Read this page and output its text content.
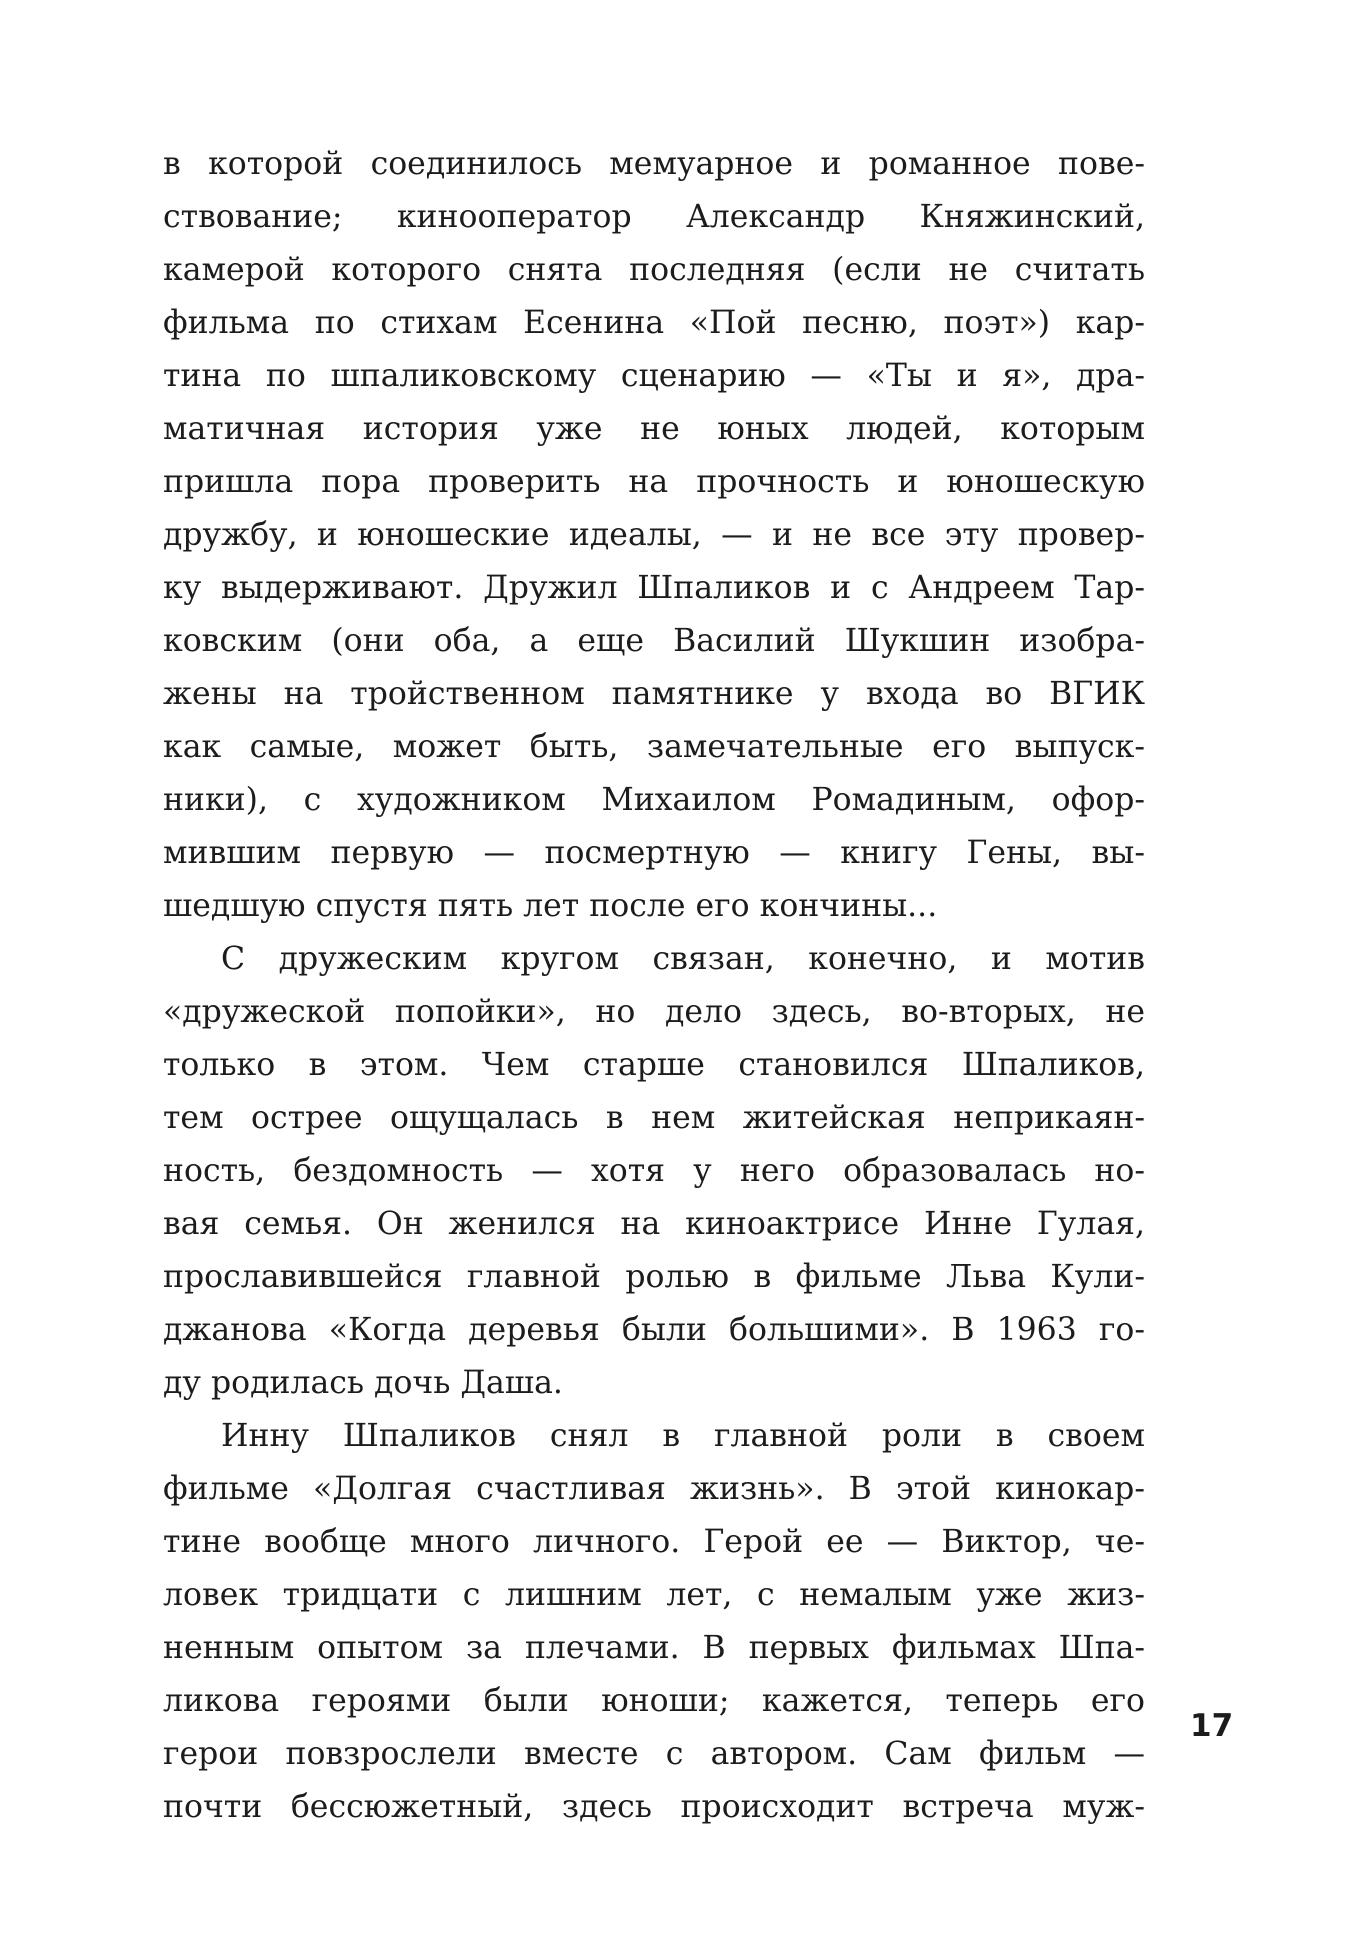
в которой соединилось мемуарное и романное пове-
ствование; кинооператор Александр Княжинский,
камерой которого снята последняя (если не считать
фильма по стихам Есенина «Пой песню, поэт») кар-
тина по шпаликовскому сценарию — «Ты и я», дра-
матичная история уже не юных людей, которым
пришла пора проверить на прочность и юношескую
дружбу, и юношеские идеалы, — и не все эту провер-
ку выдерживают. Дружил Шпаликов и с Андреем Тар-
ковским (они оба, а еще Василий Шукшин изобра-
жены на тройственном памятнике у входа во ВГИК
как самые, может быть, замечательные его выпуск-
ники), с художником Михаилом Ромадиным, офор-
мившим первую — посмертную — книгу Гены, вы-
шедшую спустя пять лет после его кончины...
С дружеским кругом связан, конечно, и мотив
«дружеской попойки», но дело здесь, во-вторых, не
только в этом. Чем старше становился Шпаликов,
тем острее ощущалась в нем житейская неприкаян-
ность, бездомность — хотя у него образовалась но-
вая семья. Он женился на киноактрисе Инне Гулая,
прославившейся главной ролью в фильме Льва Кули-
джанова «Когда деревья были большими». В 1963 го-
ду родилась дочь Даша.
Инну Шпаликов снял в главной роли в своем
фильме «Долгая счастливая жизнь». В этой кинокар-
тине вообще много личного. Герой ее — Виктор, че-
ловек тридцати с лишним лет, с немалым уже жиз-
ненным опытом за плечами. В первых фильмах Шпа-
ликова героями были юноши; кажется, теперь его
герои повзрослели вместе с автором. Сам фильм —
почти бессюжетный, здесь происходит встреча муж-
17
